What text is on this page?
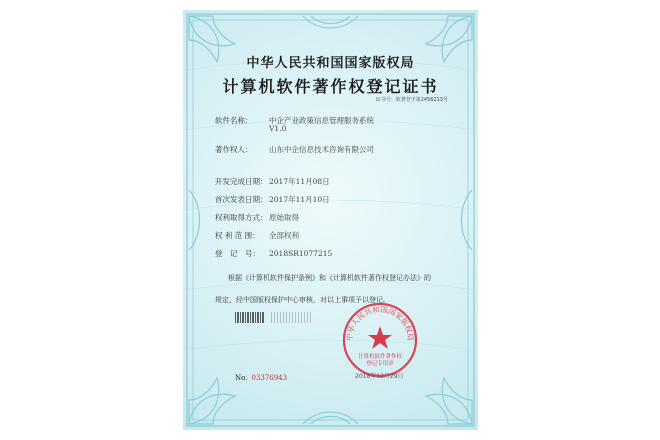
中华人民共和国国家版权局
计算机软件著作权登记证书
证书号：软著登字第2456213号
软件名称： 中企产业政策信息管理服务系统
V1.0
著作权人： 山东中企信息技术咨询有限公司
开发完成日期： 2017年11月08日
首次发表日期： 2017年11月10日
权利取得方式： 原始取得
权 利 范 围： 全部权利
登　记　号： 2018SR1077215
根据《计算机软件保护条例》和《计算机软件著作权登记办法》的
规定，经中国版权保护中心审核，对以上事项予以登记。
中华人民共和国国家版权局
计算机软件著作权
登记专用章
No. 03376943	2018年12月29日
